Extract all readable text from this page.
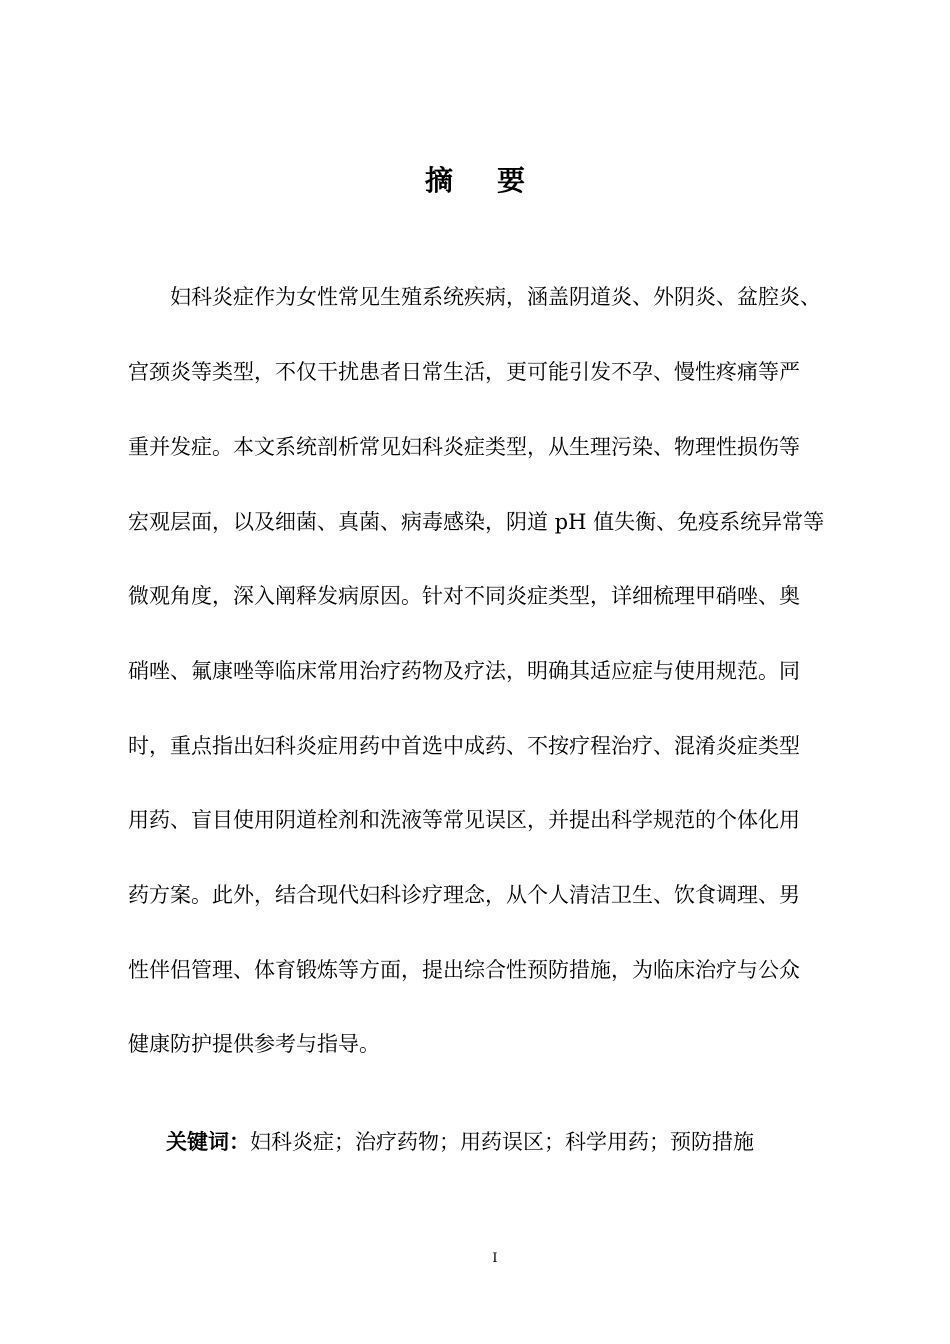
摘 要
妇科炎症作为女性常见生殖系统疾病，涵盖阴道炎、外阴炎、盆腔炎、
宫颈炎等类型，不仅干扰患者日常生活，更可能引发不孕、慢性疼痛等严
重并发症。本文系统剖析常见妇科炎症类型，从生理污染、物理性损伤等
宏观层面，以及细菌、真菌、病毒感染，阴道 pH 值失衡、免疫系统异常等
微观角度，深入阐释发病原因。针对不同炎症类型，详细梳理甲硝唑、奥
硝唑、氟康唑等临床常用治疗药物及疗法，明确其适应症与使用规范。同
时，重点指出妇科炎症用药中首选中成药、不按疗程治疗、混淆炎症类型
用药、盲目使用阴道栓剂和洗液等常见误区，并提出科学规范的个体化用
药方案。此外，结合现代妇科诊疗理念，从个人清洁卫生、饮食调理、男
性伴侣管理、体育锻炼等方面，提出综合性预防措施，为临床治疗与公众
健康防护提供参考与指导。
关键词：妇科炎症；治疗药物；用药误区；科学用药；预防措施
I
